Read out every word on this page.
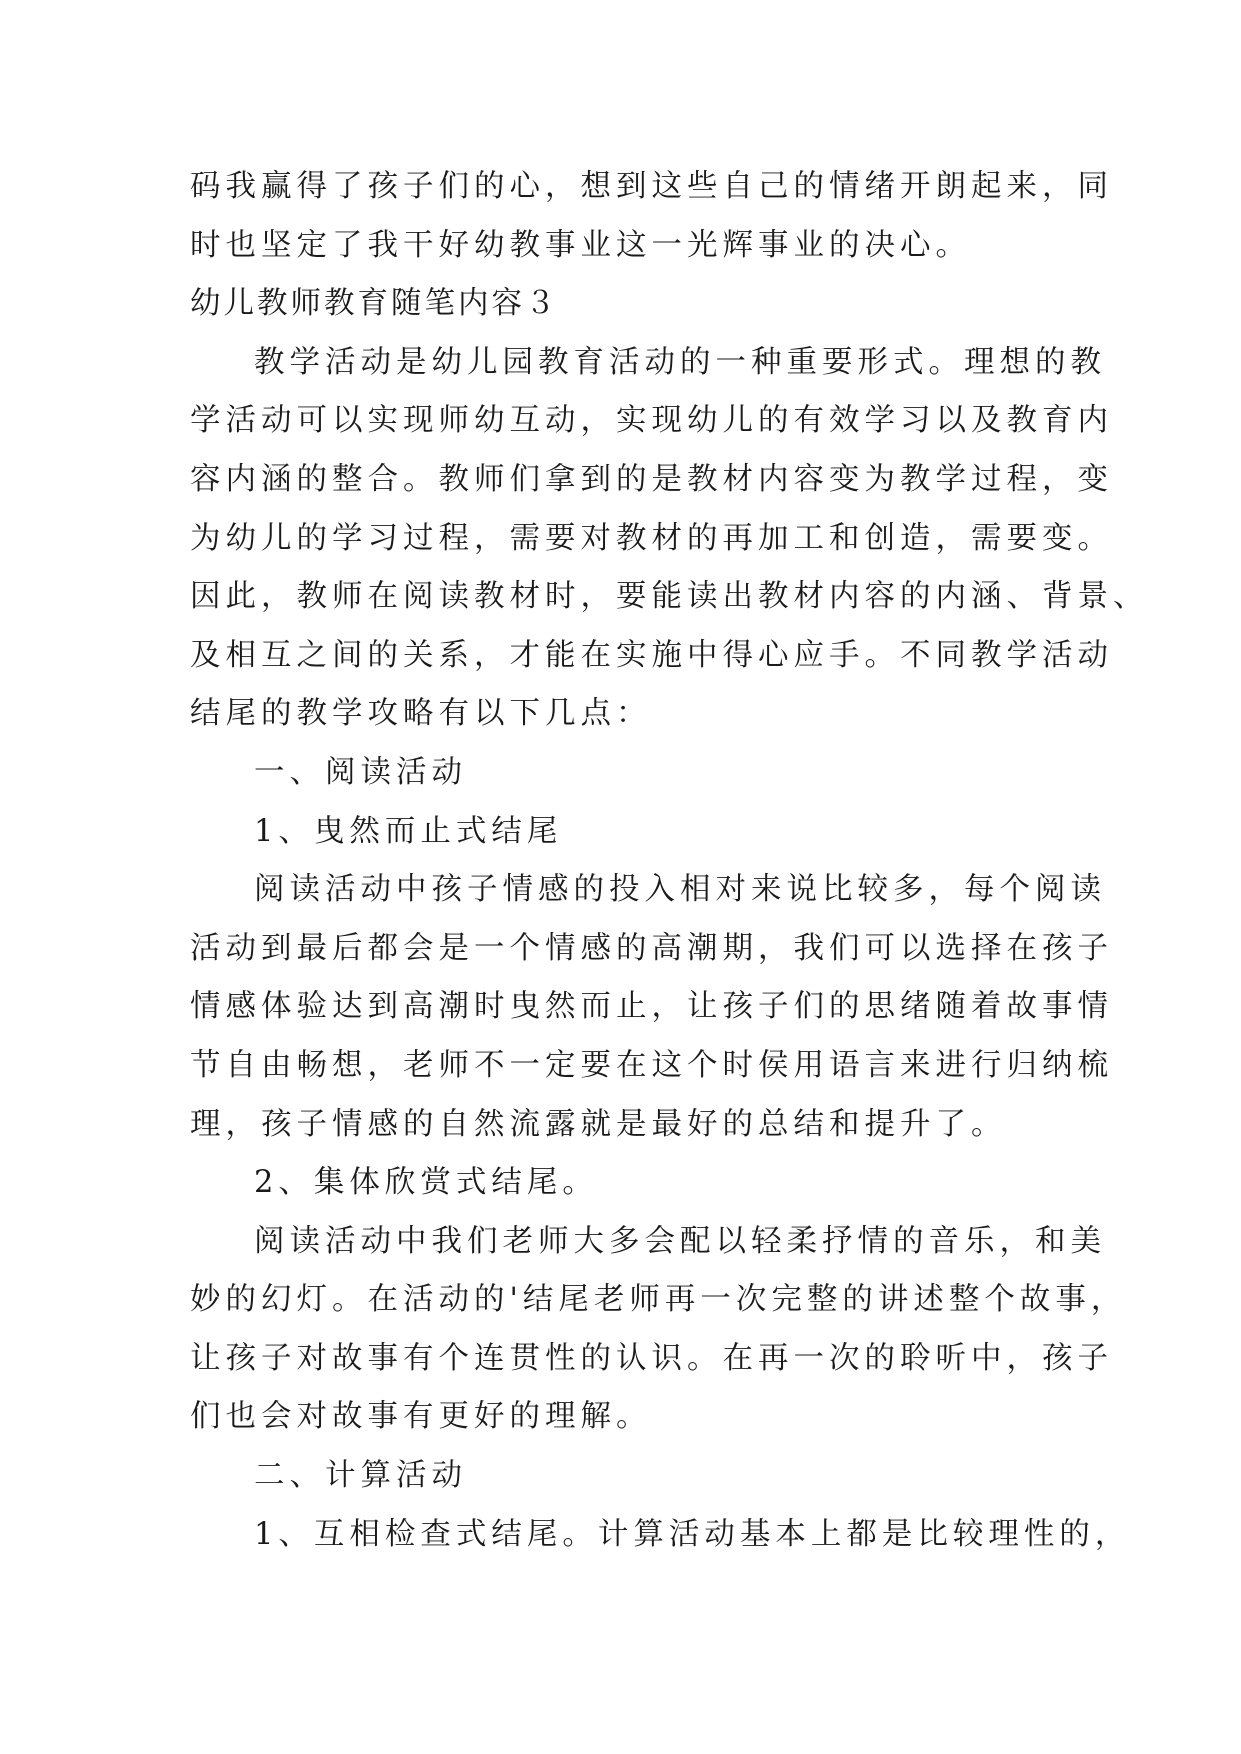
码我赢得了孩子们的心，想到这些自己的情绪开朗起来，同
时也坚定了我干好幼教事业这一光辉事业的决心。
幼儿教师教育随笔内容３
教学活动是幼儿园教育活动的一种重要形式。理想的教
学活动可以实现师幼互动，实现幼儿的有效学习以及教育内
容内涵的整合。教师们拿到的是教材内容变为教学过程，变
为幼儿的学习过程，需要对教材的再加工和创造，需要变。
因此，教师在阅读教材时，要能读出教材内容的内涵、背景、
及相互之间的关系，才能在实施中得心应手。不同教学活动
结尾的教学攻略有以下几点：
一、阅读活动
1、曳然而止式结尾
阅读活动中孩子情感的投入相对来说比较多，每个阅读
活动到最后都会是一个情感的高潮期，我们可以选择在孩子
情感体验达到高潮时曳然而止，让孩子们的思绪随着故事情
节自由畅想，老师不一定要在这个时侯用语言来进行归纳梳
理，孩子情感的自然流露就是最好的总结和提升了。
2、集体欣赏式结尾。
阅读活动中我们老师大多会配以轻柔抒情的音乐，和美
妙的幻灯。在活动的'结尾老师再一次完整的讲述整个故事，
让孩子对故事有个连贯性的认识。在再一次的聆听中，孩子
们也会对故事有更好的理解。
二、计算活动
1、互相检查式结尾。计算活动基本上都是比较理性的，
